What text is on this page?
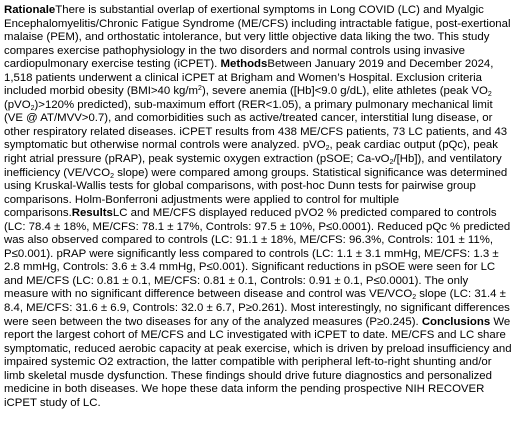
RationaleThere is substantial overlap of exertional symptoms in Long COVID (LC) and Myalgic Encephalomyelitis/Chronic Fatigue Syndrome (ME/CFS) including intractable fatigue, post-exertional malaise (PEM), and orthostatic intolerance, but very little objective data liking the two. This study compares exercise pathophysiology in the two disorders and normal controls using invasive cardiopulmonary exercise testing (iCPET). MethodsBetween January 2019 and December 2024, 1,518 patients underwent a clinical iCPET at Brigham and Women’s Hospital. Exclusion criteria included morbid obesity (BMI>40 $kg/m^2$), severe anemia ([Hb]<9.0 g/dL), elite athletes (peak $VO_2$ (pVO$_2$)>120% predicted), sub-maximum effort (RER<1.05), a primary pulmonary mechanical limit (VE @ AT/MVV>0.7), and comorbidities such as active/treated cancer, interstitial lung disease, or other respiratory related diseases. iCPET results from 438 ME/CFS patients, 73 LC patients, and 43 symptomatic but otherwise normal controls were analyzed. pVO$_2$, peak cardiac output (pQc), peak right atrial pressure (pRAP), peak systemic oxygen extraction (pSOE; $Ca-vO_2/[Hb]$), and ventilatory inefficiency ($VE/VCO_2$ slope) were compared among groups. Statistical significance was determined using Kruskal-Wallis tests for global comparisons, with post-hoc Dunn tests for pairwise group comparisons. Holm-Bonferroni adjustments were applied to control for multiple comparisons.ResultsLC and ME/CFS displayed reduced pVO2 % predicted compared to controls (LC: 78.4 ± 18%, ME/CFS: 78.1 ± 17%, Controls: 97.5 ± 10%, P≤0.0001). Reduced pQc % predicted was also observed compared to controls (LC: 91.1 ± 18%, ME/CFS: 96.3%, Controls: 101 ± 11%, P≤0.001). pRAP were significantly less compared to controls (LC: 1.1 ± 3.1 mmHg, ME/CFS: 1.3 ± 2.8 mmHg, Controls: 3.6 ± 3.4 mmHg, P≤0.001). Significant reductions in pSOE were seen for LC and ME/CFS (LC: 0.81 ± 0.1, ME/CFS: 0.81 ± 0.1, Controls: 0.91 ± 0.1, P≤0.0001). The only measure with no significant difference between disease and control was $VE/VCO_2$ slope (LC: 31.4 ± 8.4, ME/CFS: 31.6 ± 6.9, Controls: 32.0 ± 6.7, P≥0.261). Most interestingly, no significant differences were seen between the two diseases for any of the analyzed measures (P≥0.245). Conclusions We report the largest cohort of ME/CFS and LC investigated with iCPET to date. ME/CFS and LC share symptomatic, reduced aerobic capacity at peak exercise, which is driven by preload insufficiency and impaired systemic O2 extraction, the latter compatible with peripheral left-to-right shunting and/or limb skeletal musde dysfunction. These findings should drive future diagnostics and personalized medicine in both diseases. We hope these data inform the pending prospective NIH RECOVER iCPET study of LC.
